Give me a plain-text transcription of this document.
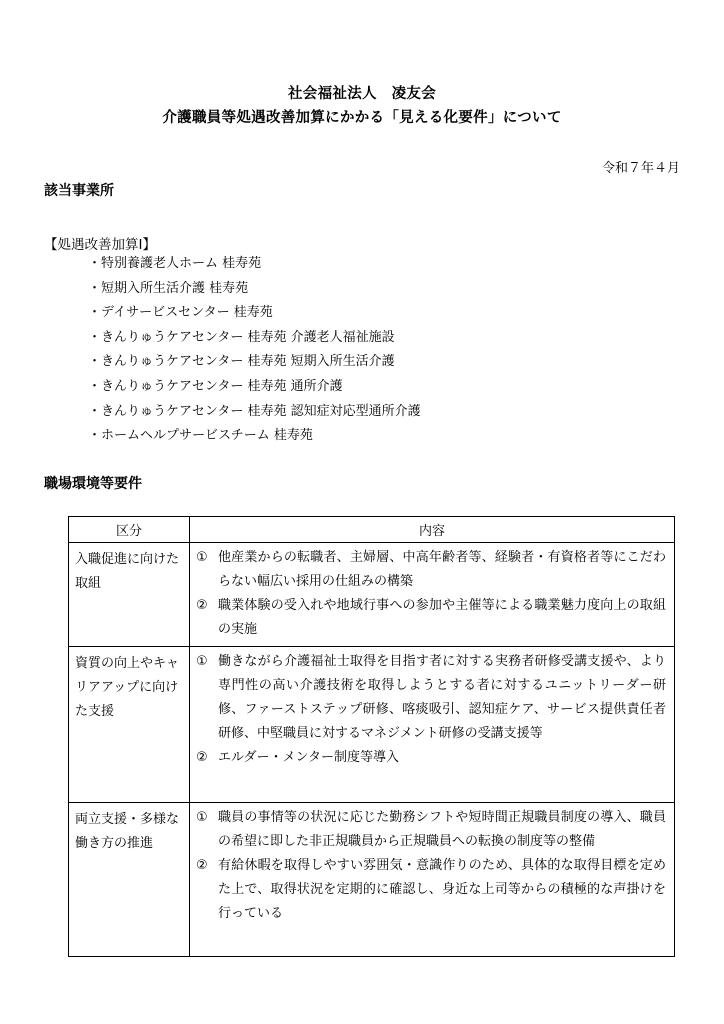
社会福祉法人　凌友会
介護職員等処遇改善加算にかかる「見える化要件」について
令和７年４月
該当事業所
【処遇改善加算Ⅰ】
・特別養護老人ホーム 桂寿苑
・短期入所生活介護 桂寿苑
・デイサービスセンター 桂寿苑
・きんりゅうケアセンター 桂寿苑 介護老人福祉施設
・きんりゅうケアセンター 桂寿苑 短期入所生活介護
・きんりゅうケアセンター 桂寿苑 通所介護
・きんりゅうケアセンター 桂寿苑 認知症対応型通所介護
・ホームヘルプサービスチーム 桂寿苑
職場環境等要件
区分	内容
入職促進に向けた取組	① 他産業からの転職者、主婦層、中高年齢者等、経験者・有資格者等にこだわらない幅広い採用の仕組みの構築
② 職業体験の受入れや地域行事への参加や主催等による職業魅力度向上の取組の実施

資質の向上やキャリアアップに向けた支援	① 働きながら介護福祉士取得を目指す者に対する実務者研修受講支援や、より専門性の高い介護技術を取得しようとする者に対するユニットリーダー研修、ファーストステップ研修、喀痰吸引、認知症ケア、サービス提供責任者研修、中堅職員に対するマネジメント研修の受講支援等
② エルダー・メンター制度等導入

両立支援・多様な働き方の推進	① 職員の事情等の状況に応じた勤務シフトや短時間正規職員制度の導入、職員の希望に即した非正規職員から正規職員への転換の制度等の整備
② 有給休暇を取得しやすい雰囲気・意識作りのため、具体的な取得目標を定めた上で、取得状況を定期的に確認し、身近な上司等からの積極的な声掛けを行っている
